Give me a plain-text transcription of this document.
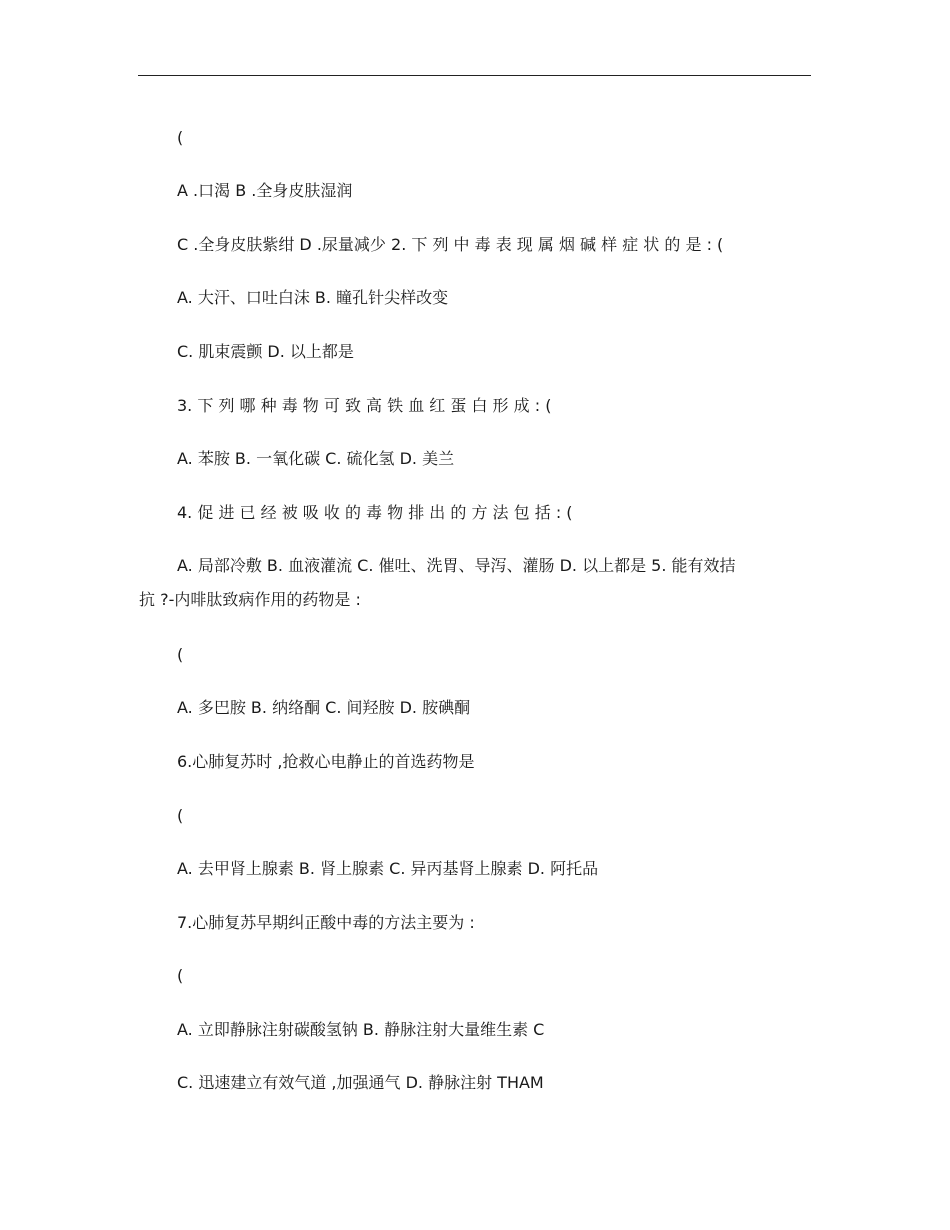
(
A .口渴 B .全身皮肤湿润
C .全身皮肤紫绀 D .尿量减少 2. 下 列 中 毒 表 现 属 烟 碱 样 症 状 的 是 : (
A. 大汗、口吐白沫 B. 瞳孔针尖样改变
C. 肌束震颤 D. 以上都是
3. 下 列 哪 种 毒 物 可 致 高 铁 血 红 蛋 白 形 成 : (
A. 苯胺 B. 一氧化碳 C. 硫化氢 D. 美兰
4. 促 进 已 经 被 吸 收 的 毒 物 排 出 的 方 法 包 括 : (
A. 局部冷敷 B. 血液灌流 C. 催吐、洗胃、导泻、灌肠 D. 以上都是 5. 能有效拮
抗 ?-内啡肽致病作用的药物是 :
(
A. 多巴胺 B. 纳络酮 C. 间羟胺 D. 胺碘酮
6.心肺复苏时 ,抢救心电静止的首选药物是
(
A. 去甲肾上腺素 B. 肾上腺素 C. 异丙基肾上腺素 D. 阿托品
7.心肺复苏早期纠正酸中毒的方法主要为 :
(
A. 立即静脉注射碳酸氢钠 B. 静脉注射大量维生素 C
C. 迅速建立有效气道 ,加强通气 D. 静脉注射 THAM
